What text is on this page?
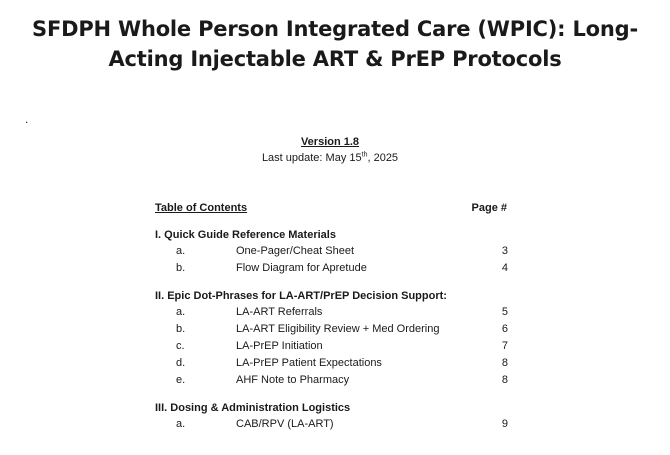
SFDPH Whole Person Integrated Care (WPIC): Long-
Acting Injectable ART & PrEP Protocols
.
Version 1.8
Last update: May 15th, 2025
Table of Contents	Page #
I. Quick Guide Reference Materials
a.	One-Pager/Cheat Sheet	3
b.	Flow Diagram for Apretude	4
II. Epic Dot-Phrases for LA-ART/PrEP Decision Support:
a.	LA-ART Referrals	5
b.	LA-ART Eligibility Review + Med Ordering	6
c.	LA-PrEP Initiation	7
d.	LA-PrEP Patient Expectations	8
e.	AHF Note to Pharmacy	8
III. Dosing & Administration Logistics
a.	CAB/RPV (LA-ART)	9
